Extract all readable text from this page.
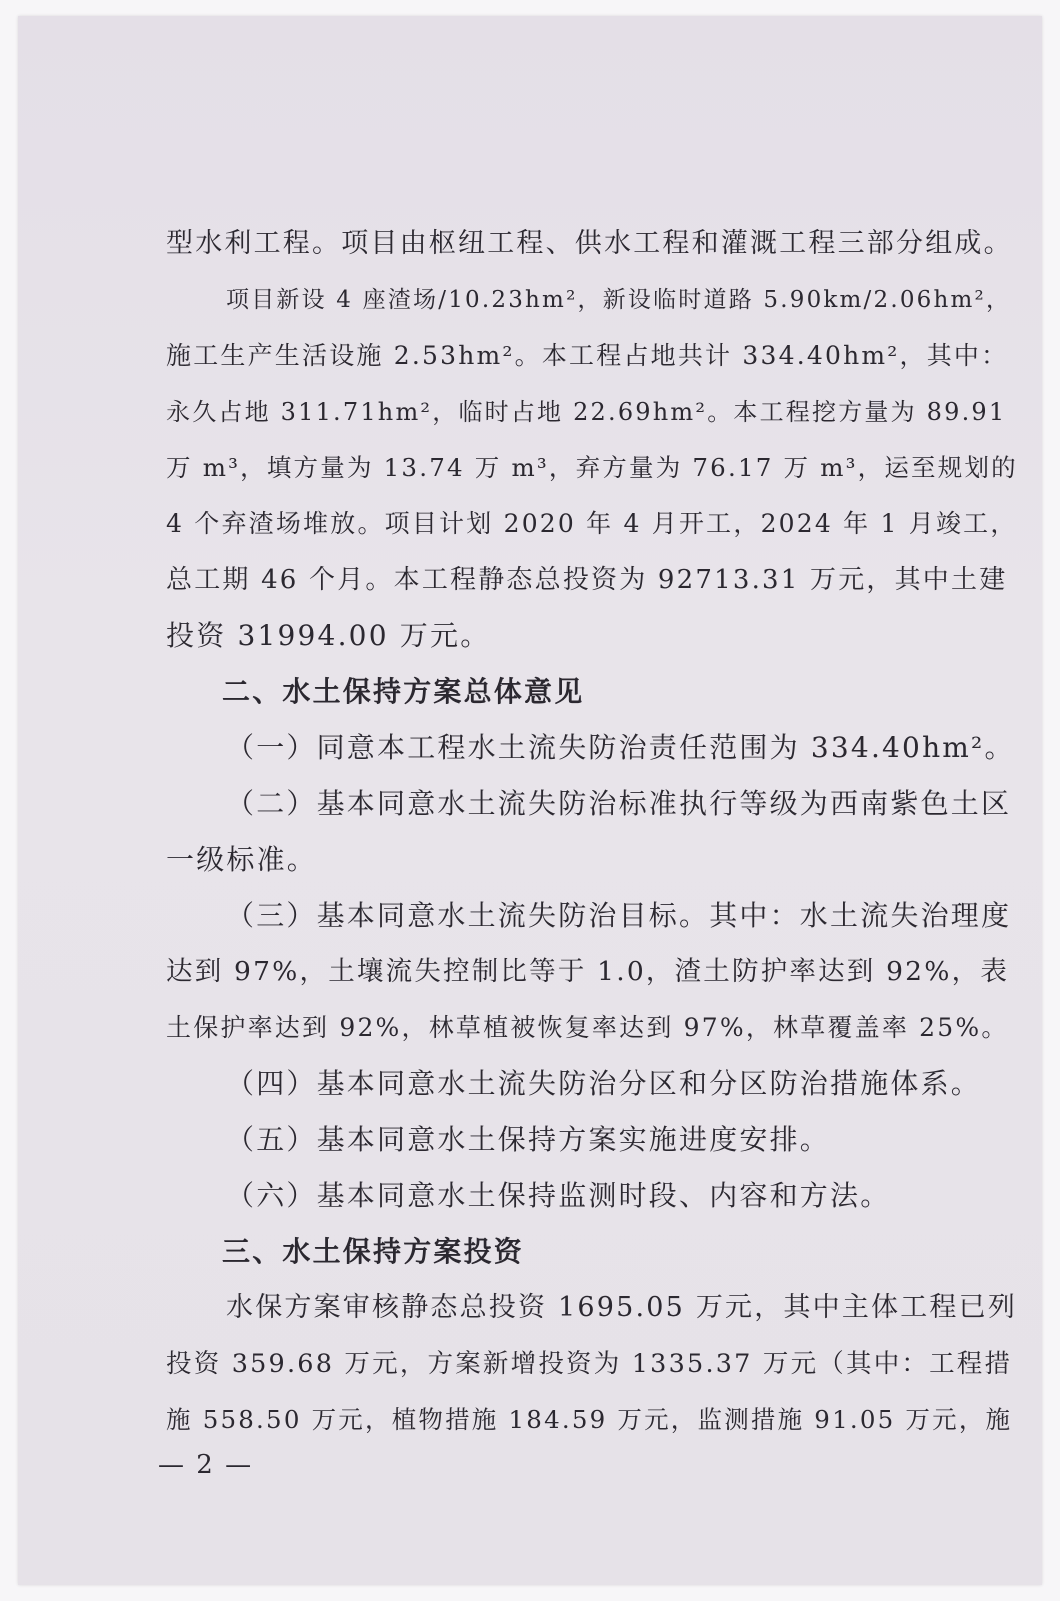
型水利工程。项目由枢纽工程、供水工程和灌溉工程三部分组成。
项目新设 4 座渣场/10.23hm²，新设临时道路 5.90km/2.06hm²，
施工生产生活设施 2.53hm²。本工程占地共计 334.40hm²，其中：
永久占地 311.71hm²，临时占地 22.69hm²。本工程挖方量为 89.91
万 m³，填方量为 13.74 万 m³，弃方量为 76.17 万 m³，运至规划的
4 个弃渣场堆放。项目计划 2020 年 4 月开工，2024 年 1 月竣工，
总工期 46 个月。本工程静态总投资为 92713.31 万元，其中土建
投资 31994.00 万元。
二、水土保持方案总体意见
（一）同意本工程水土流失防治责任范围为 334.40hm²。
（二）基本同意水土流失防治标准执行等级为西南紫色土区
一级标准。
（三）基本同意水土流失防治目标。其中：水土流失治理度
达到 97%，土壤流失控制比等于 1.0，渣土防护率达到 92%，表
土保护率达到 92%，林草植被恢复率达到 97%，林草覆盖率 25%。
（四）基本同意水土流失防治分区和分区防治措施体系。
（五）基本同意水土保持方案实施进度安排。
（六）基本同意水土保持监测时段、内容和方法。
三、水土保持方案投资
水保方案审核静态总投资 1695.05 万元，其中主体工程已列
投资 359.68 万元，方案新增投资为 1335.37 万元（其中：工程措
施 558.50 万元，植物措施 184.59 万元，监测措施 91.05 万元，施
— 2 —
